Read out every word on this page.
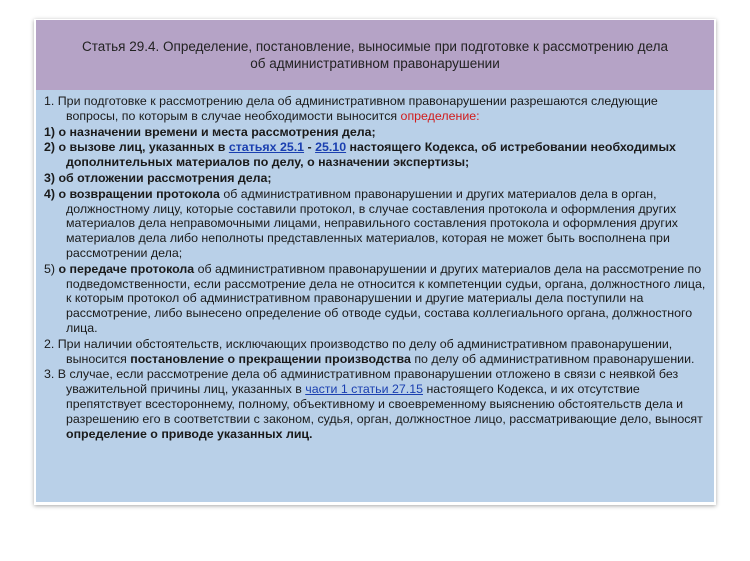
Статья 29.4. Определение, постановление, выносимые при подготовке к рассмотрению дела об административном правонарушении

1. При подготовке к рассмотрению дела об административном правонарушении разрешаются следующие вопросы, по которым в случае необходимости выносится определение:

1) о назначении времени и места рассмотрения дела;

2) о вызове лиц, указанных в статьях 25.1 - 25.10 настоящего Кодекса, об истребовании необходимых дополнительных материалов по делу, о назначении экспертизы;

3) об отложении рассмотрения дела;

4) о возвращении протокола об административном правонарушении и других материалов дела в орган, должностному лицу, которые составили протокол, в случае составления протокола и оформления других материалов дела неправомочными лицами, неправильного составления протокола и оформления других материалов дела либо неполноты представленных материалов, которая не может быть восполнена при рассмотрении дела;

5) о передаче протокола об административном правонарушении и других материалов дела на рассмотрение по подведомственности, если рассмотрение дела не относится к компетенции судьи, органа, должностного лица, к которым протокол об административном правонарушении и другие материалы дела поступили на рассмотрение, либо вынесено определение об отводе судьи, состава коллегиального органа, должностного лица.

2. При наличии обстоятельств, исключающих производство по делу об административном правонарушении, выносится постановление о прекращении производства по делу об административном правонарушении.

3. В случае, если рассмотрение дела об административном правонарушении отложено в связи с неявкой без уважительной причины лиц, указанных в части 1 статьи 27.15 настоящего Кодекса, и их отсутствие препятствует всестороннему, полному, объективному и своевременному выяснению обстоятельств дела и разрешению его в соответствии с законом, судья, орган, должностное лицо, рассматривающие дело, выносят определение о приводе указанных лиц.
